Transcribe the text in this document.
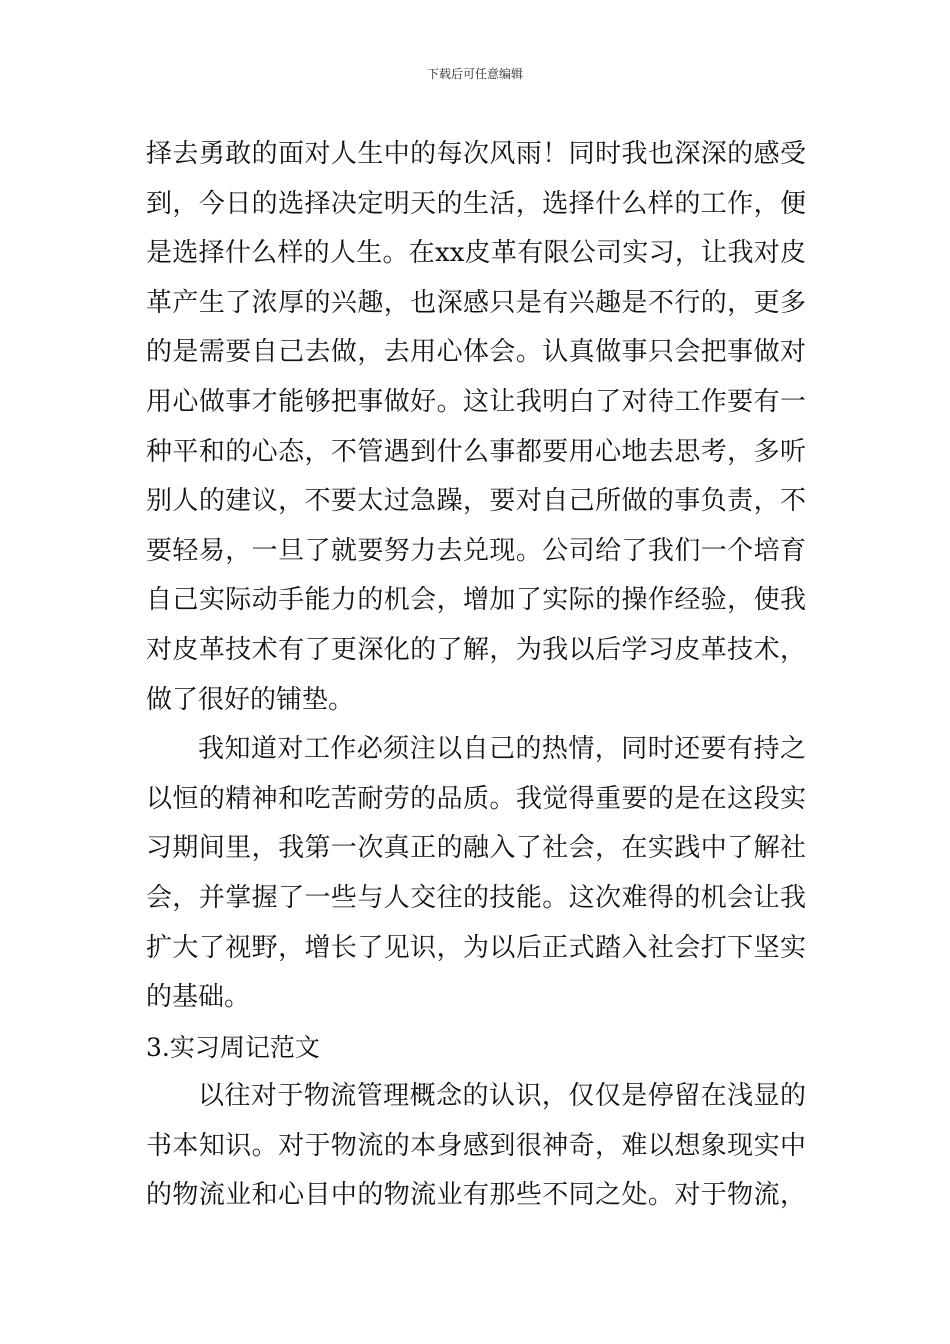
下载后可任意编辑
择去勇敢的面对人生中的每次风雨！同时我也深深的感受
到，今日的选择决定明天的生活，选择什么样的工作，便
是选择什么样的人生。在xx皮革有限公司实习，让我对皮
革产生了浓厚的兴趣，也深感只是有兴趣是不行的，更多
的是需要自己去做，去用心体会。认真做事只会把事做对
用心做事才能够把事做好。这让我明白了对待工作要有一
种平和的心态，不管遇到什么事都要用心地去思考，多听
别人的建议，不要太过急躁，要对自己所做的事负责，不
要轻易，一旦了就要努力去兑现。公司给了我们一个培育
自己实际动手能力的机会，增加了实际的操作经验，使我
对皮革技术有了更深化的了解，为我以后学习皮革技术，
做了很好的铺垫。
我知道对工作必须注以自己的热情，同时还要有持之
以恒的精神和吃苦耐劳的品质。我觉得重要的是在这段实
习期间里，我第一次真正的融入了社会，在实践中了解社
会，并掌握了一些与人交往的技能。这次难得的机会让我
扩大了视野，增长了见识，为以后正式踏入社会打下坚实
的基础。
3.实习周记范文
以往对于物流管理概念的认识，仅仅是停留在浅显的
书本知识。对于物流的本身感到很神奇，难以想象现实中
的物流业和心目中的物流业有那些不同之处。对于物流，
